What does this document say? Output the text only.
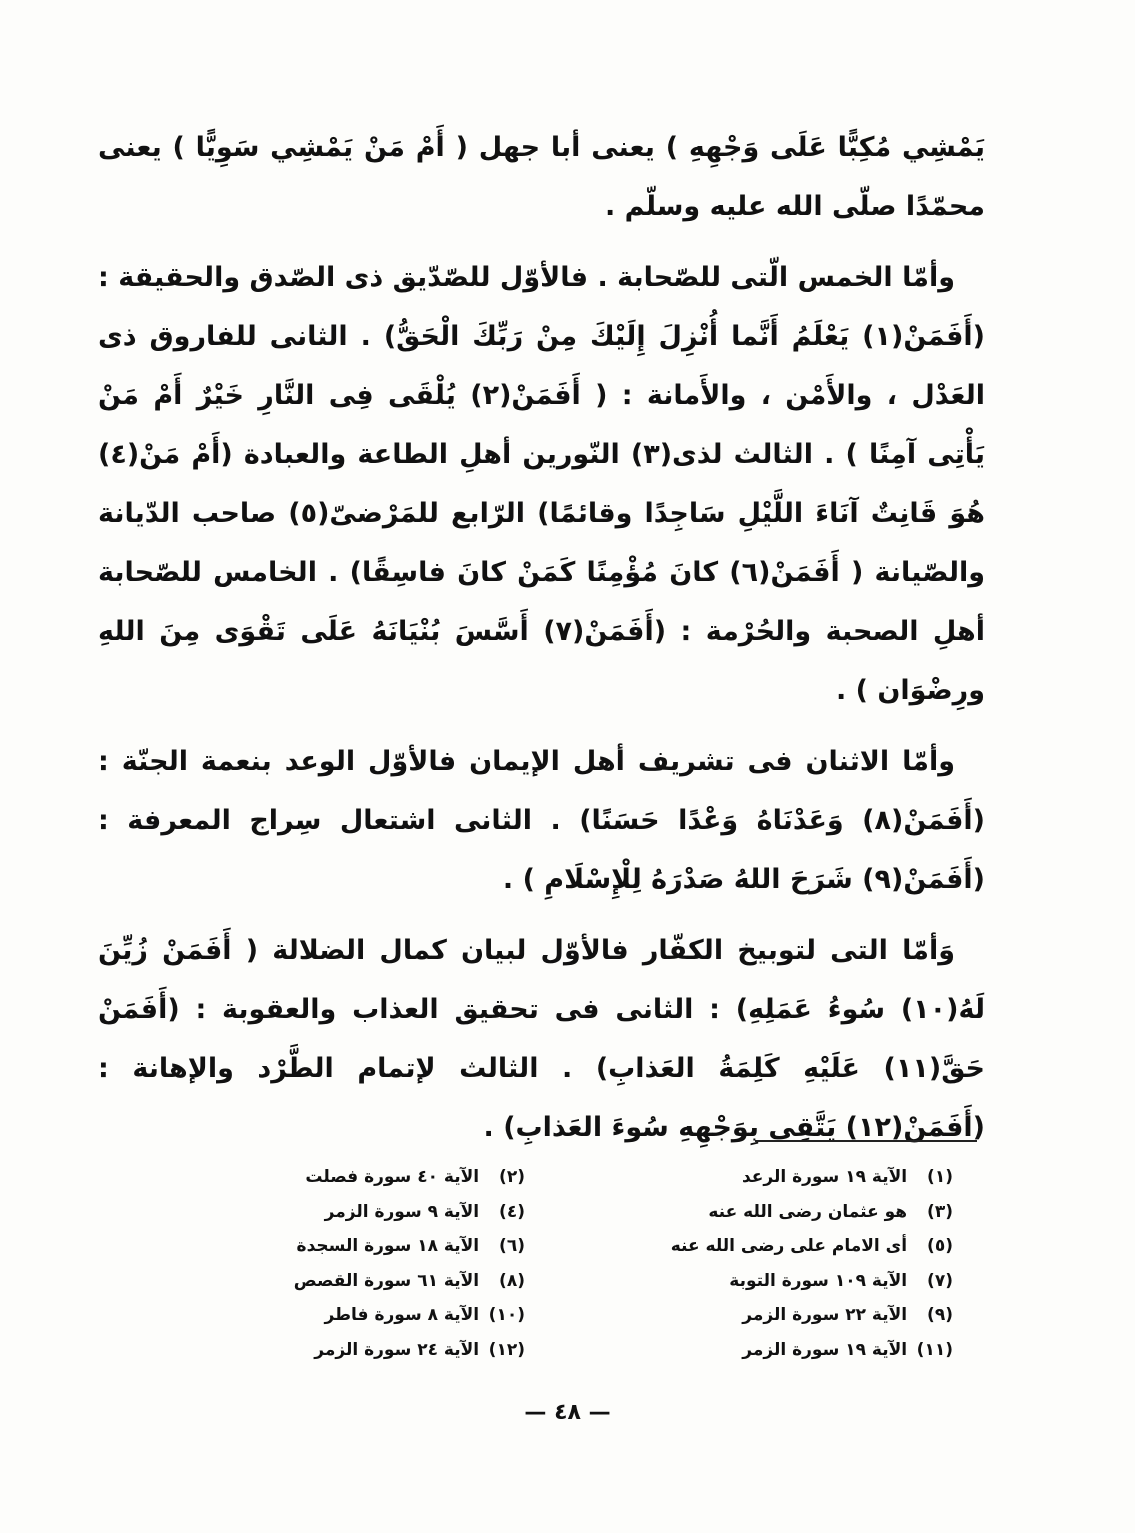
يَمْشِي مُكِبًّا عَلَى وَجْهِهِ ) يعنى أبا جهل ( أَمْ مَنْ يَمْشِي سَوِيًّا ) يعنى محمّدًا صلّى الله عليه وسلّم .

وأمّا الخمس الّتى للصّحابة . فالأوّل للصّدّيق ذى الصّدق والحقيقة : (أَفَمَنْ(١) يَعْلَمُ أَنَّما أُنْزِلَ إِلَيْكَ مِنْ رَبِّكَ الْحَقُّ) . الثانى للفاروق ذى العَدْل ، والأَمْن ، والأَمانة : ( أَفَمَنْ(٢) يُلْقَى فِى النَّارِ خَيْرٌ أَمْ مَنْ يَأْتِى آمِنًا ) . الثالث لذى(٣) النّورين أهلِ الطاعة والعبادة (أَمْ مَنْ(٤) هُوَ قَانِتٌ آنَاءَ اللَّيْلِ سَاجِدًا وقائمًا) الرّابع للمَرْضىّ(٥) صاحب الدّيانة والصّيانة ( أَفَمَنْ(٦) كانَ مُؤْمِنًا كَمَنْ كانَ فاسِقًا) . الخامس للصّحابة أهلِ الصحبة والحُرْمة : (أَفَمَنْ(٧) أَسَّسَ بُنْيَانَهُ عَلَى تَقْوَى مِنَ اللهِ ورِضْوَان ) .

وأمّا الاثنان فى تشريف أهل الإيمان فالأوّل الوعد بنعمة الجنّة : (أَفَمَنْ(٨) وَعَدْنَاهُ وَعْدًا حَسَنًا) . الثانى اشتعال سِراج المعرفة : (أَفَمَنْ(٩) شَرَحَ اللهُ صَدْرَهُ لِلْإِسْلَامِ ) .

وَأمّا التى لتوبيخ الكفّار فالأوّل لبيان كمال الضلالة ( أَفَمَنْ زُيِّنَ لَهُ(١٠) سُوءُ عَمَلِهِ) : الثانى فى تحقيق العذاب والعقوبة : (أَفَمَنْ حَقَّ(١١) عَلَيْهِ كَلِمَةُ العَذابِ) . الثالث لإتمام الطَّرْد والإهانة : (أَفَمَنْ(١٢) يَتَّقِى بِوَجْهِهِ سُوءَ العَذابِ) .

(١) الآية ١٩ سورة الرعد
(٣) هو عثمان رضى الله عنه
(٥) أى الامام على رضى الله عنه
(٧) الآية ١٠٩ سورة التوبة
(٩) الآية ٢٢ سورة الزمر
(١١) الآية ١٩ سورة الزمر
(٢) الآية ٤٠ سورة فصلت
(٤) الآية ٩ سورة الزمر
(٦) الآية ١٨ سورة السجدة
(٨) الآية ٦١ سورة القصص
(١٠) الآية ٨ سورة فاطر
(١٢) الآية ٢٤ سورة الزمر
— ٤٨ —
